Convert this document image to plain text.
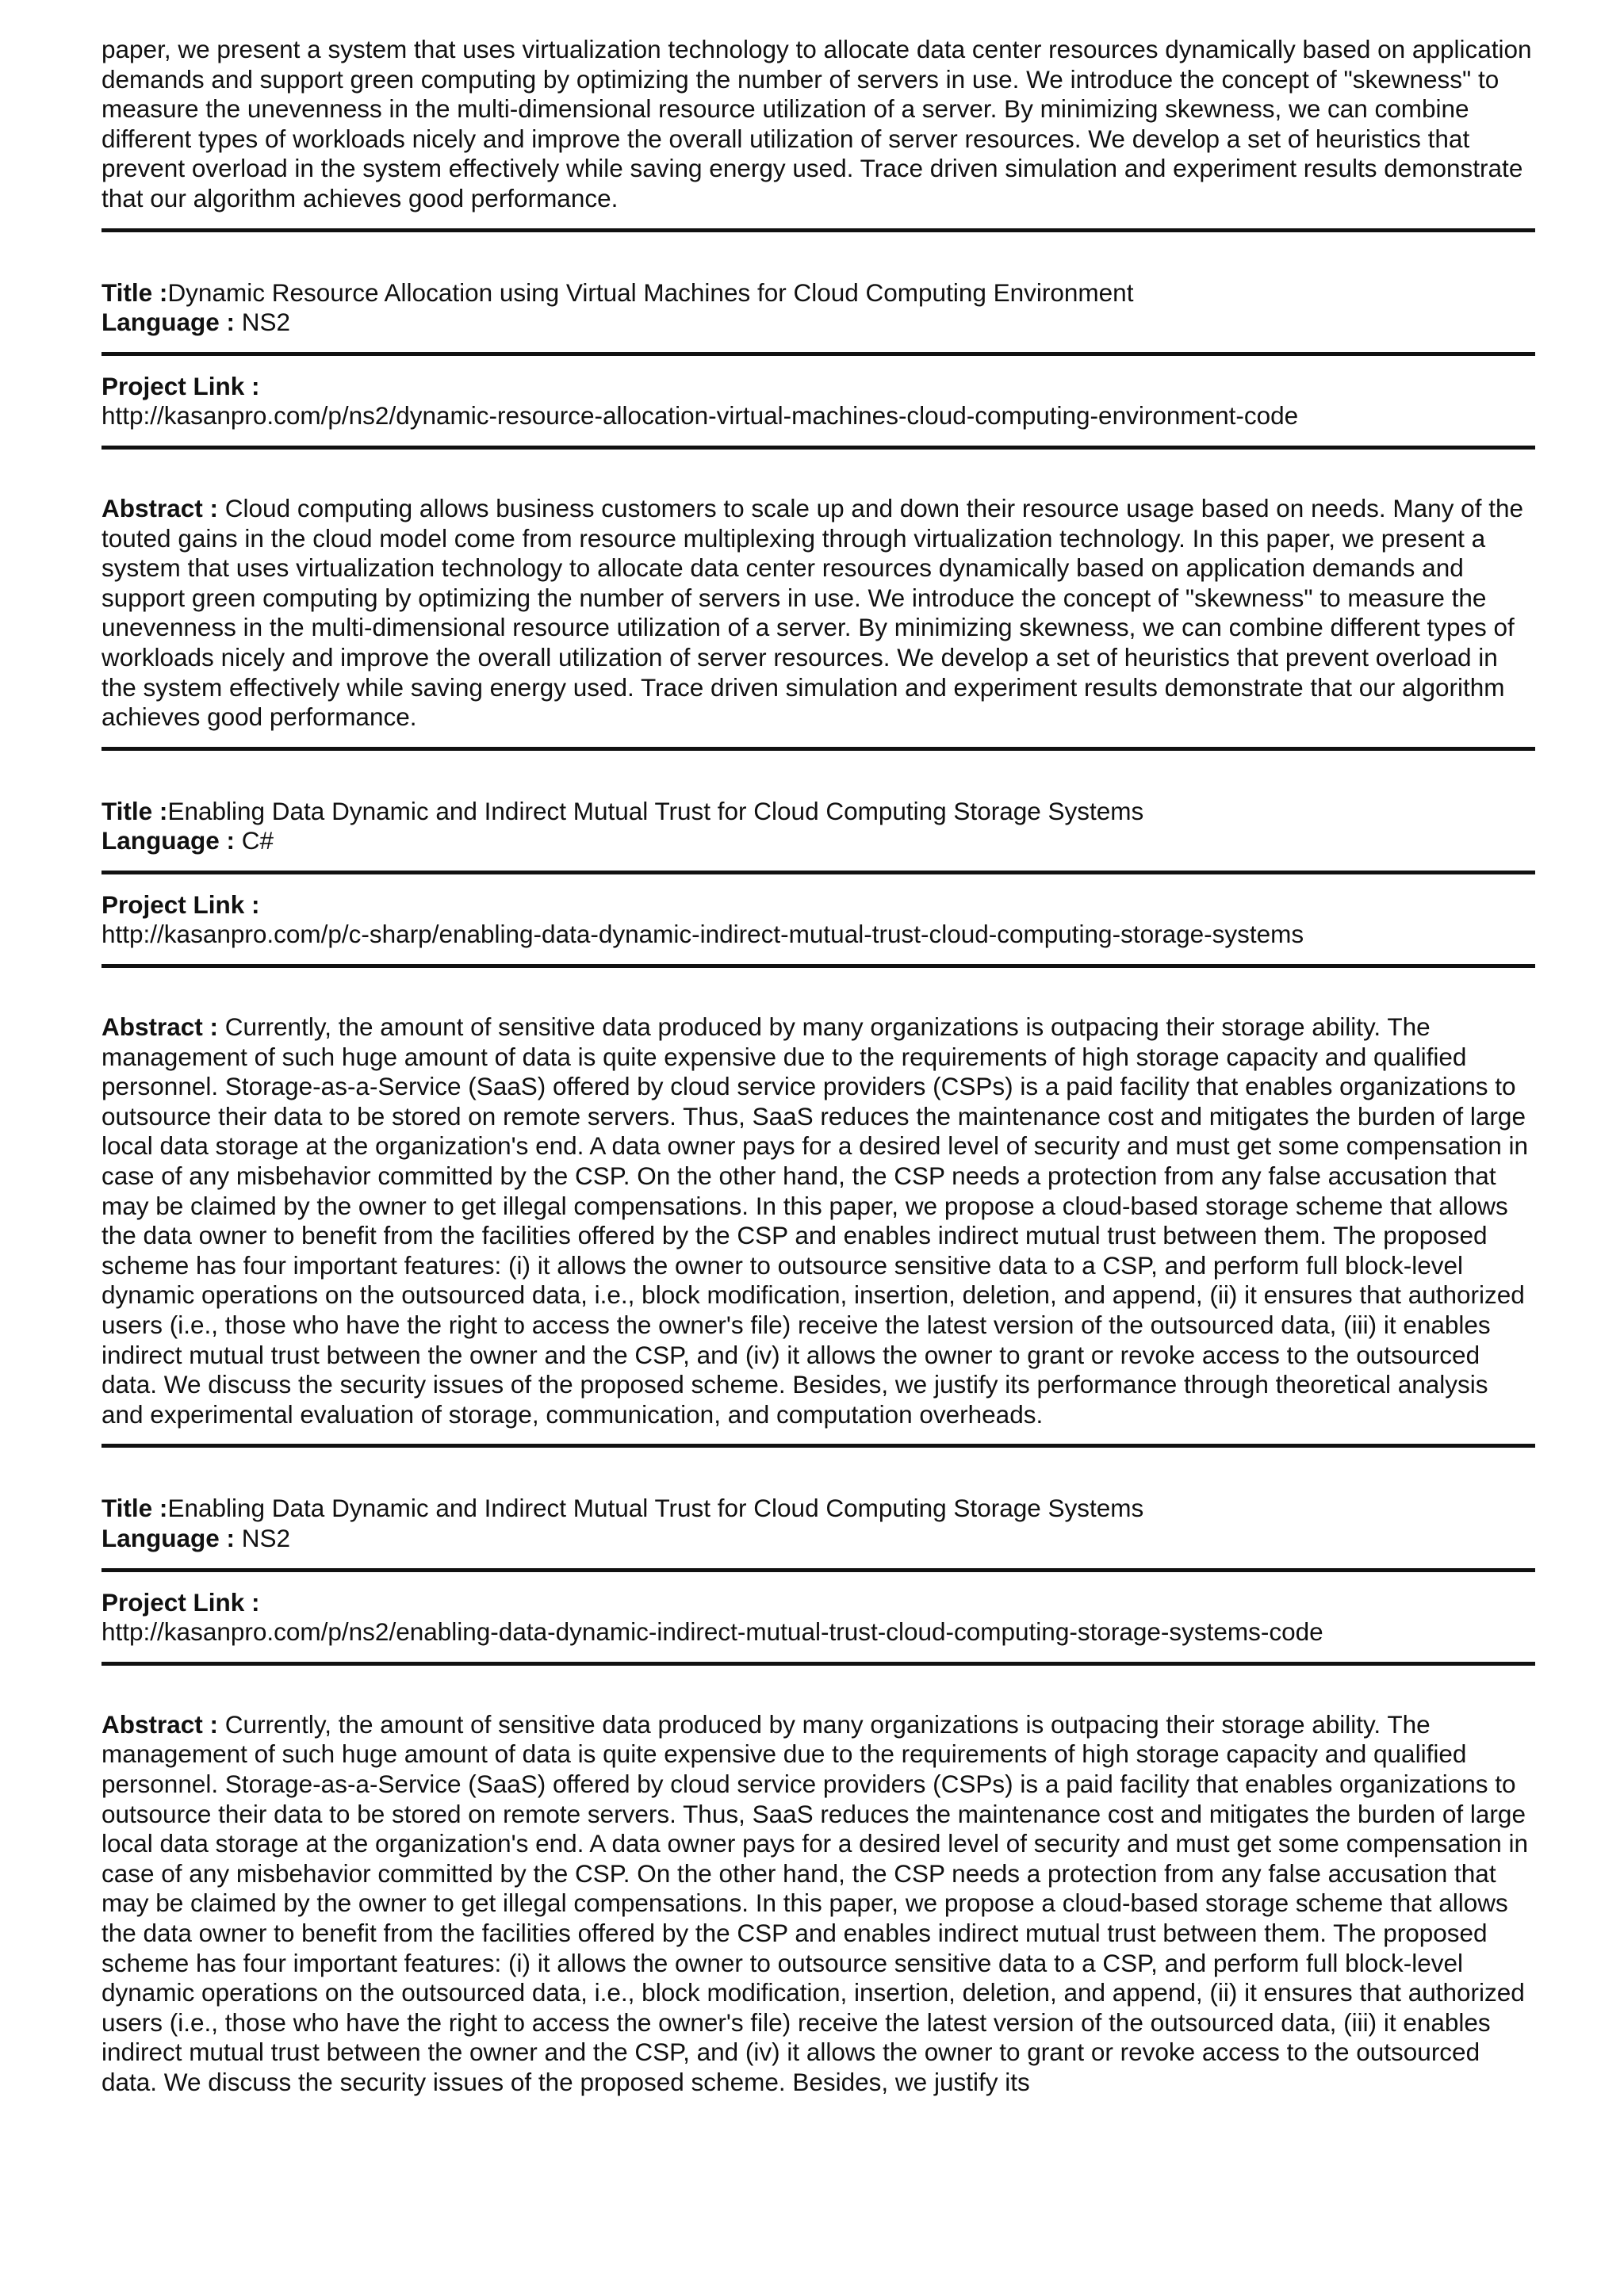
paper, we present a system that uses virtualization technology to allocate data center resources dynamically based on application demands and support green computing by optimizing the number of servers in use. We introduce the concept of "skewness" to measure the unevenness in the multi-dimensional resource utilization of a server. By minimizing skewness, we can combine different types of workloads nicely and improve the overall utilization of server resources. We develop a set of heuristics that prevent overload in the system effectively while saving energy used. Trace driven simulation and experiment results demonstrate that our algorithm achieves good performance.

Title :Dynamic Resource Allocation using Virtual Machines for Cloud Computing Environment

Language : NS2

Project Link :

http://kasanpro.com/p/ns2/dynamic-resource-allocation-virtual-machines-cloud-computing-environment-code

Abstract : Cloud computing allows business customers to scale up and down their resource usage based on needs. Many of the touted gains in the cloud model come from resource multiplexing through virtualization technology. In this paper, we present a system that uses virtualization technology to allocate data center resources dynamically based on application demands and support green computing by optimizing the number of servers in use. We introduce the concept of "skewness" to measure the unevenness in the multi-dimensional resource utilization of a server. By minimizing skewness, we can combine different types of workloads nicely and improve the overall utilization of server resources. We develop a set of heuristics that prevent overload in the system effectively while saving energy used. Trace driven simulation and experiment results demonstrate that our algorithm achieves good performance.

Title :Enabling Data Dynamic and Indirect Mutual Trust for Cloud Computing Storage Systems

Language : C#

Project Link :

http://kasanpro.com/p/c-sharp/enabling-data-dynamic-indirect-mutual-trust-cloud-computing-storage-systems

Abstract : Currently, the amount of sensitive data produced by many organizations is outpacing their storage ability. The management of such huge amount of data is quite expensive due to the requirements of high storage capacity and qualified personnel. Storage-as-a-Service (SaaS) offered by cloud service providers (CSPs) is a paid facility that enables organizations to outsource their data to be stored on remote servers. Thus, SaaS reduces the maintenance cost and mitigates the burden of large local data storage at the organization's end. A data owner pays for a desired level of security and must get some compensation in case of any misbehavior committed by the CSP. On the other hand, the CSP needs a protection from any false accusation that may be claimed by the owner to get illegal compensations. In this paper, we propose a cloud-based storage scheme that allows the data owner to benefit from the facilities offered by the CSP and enables indirect mutual trust between them. The proposed scheme has four important features: (i) it allows the owner to outsource sensitive data to a CSP, and perform full block-level dynamic operations on the outsourced data, i.e., block modification, insertion, deletion, and append, (ii) it ensures that authorized users (i.e., those who have the right to access the owner's file) receive the latest version of the outsourced data, (iii) it enables indirect mutual trust between the owner and the CSP, and (iv) it allows the owner to grant or revoke access to the outsourced data. We discuss the security issues of the proposed scheme. Besides, we justify its performance through theoretical analysis and experimental evaluation of storage, communication, and computation overheads.

Title :Enabling Data Dynamic and Indirect Mutual Trust for Cloud Computing Storage Systems

Language : NS2

Project Link :

http://kasanpro.com/p/ns2/enabling-data-dynamic-indirect-mutual-trust-cloud-computing-storage-systems-code

Abstract : Currently, the amount of sensitive data produced by many organizations is outpacing their storage ability. The management of such huge amount of data is quite expensive due to the requirements of high storage capacity and qualified personnel. Storage-as-a-Service (SaaS) offered by cloud service providers (CSPs) is a paid facility that enables organizations to outsource their data to be stored on remote servers. Thus, SaaS reduces the maintenance cost and mitigates the burden of large local data storage at the organization's end. A data owner pays for a desired level of security and must get some compensation in case of any misbehavior committed by the CSP. On the other hand, the CSP needs a protection from any false accusation that may be claimed by the owner to get illegal compensations. In this paper, we propose a cloud-based storage scheme that allows the data owner to benefit from the facilities offered by the CSP and enables indirect mutual trust between them. The proposed scheme has four important features: (i) it allows the owner to outsource sensitive data to a CSP, and perform full block-level dynamic operations on the outsourced data, i.e., block modification, insertion, deletion, and append, (ii) it ensures that authorized users (i.e., those who have the right to access the owner's file) receive the latest version of the outsourced data, (iii) it enables indirect mutual trust between the owner and the CSP, and (iv) it allows the owner to grant or revoke access to the outsourced data. We discuss the security issues of the proposed scheme. Besides, we justify its
